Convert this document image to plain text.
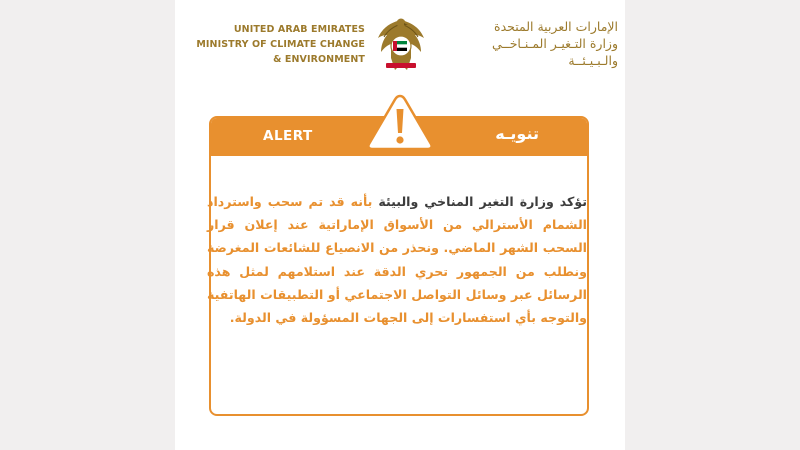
UNITED ARAB EMIRATES
MINISTRY OF CLIMATE CHANGE
& ENVIRONMENT
الإمارات العربية المتحدة
وزارة التـغيـر المـنـاخــي
والـبـيـئــة
ALERT	تنويـه
تؤكد وزارة التغير المناخي والبيئة بأنه قد تم سحب واسترداد الشمام الأسترالي من الأسواق الإماراتية عند إعلان قرار السحب الشهر الماضي. ونحذر من الانصياع للشائعات المغرضة ونطلب من الجمهور تحري الدقة عند استلامهم لمثل هذه الرسائل عبر وسائل التواصل الاجتماعي أو التطبيقات الهاتفية والتوجه بأي استفسارات إلى الجهات المسؤولة في الدولة.
